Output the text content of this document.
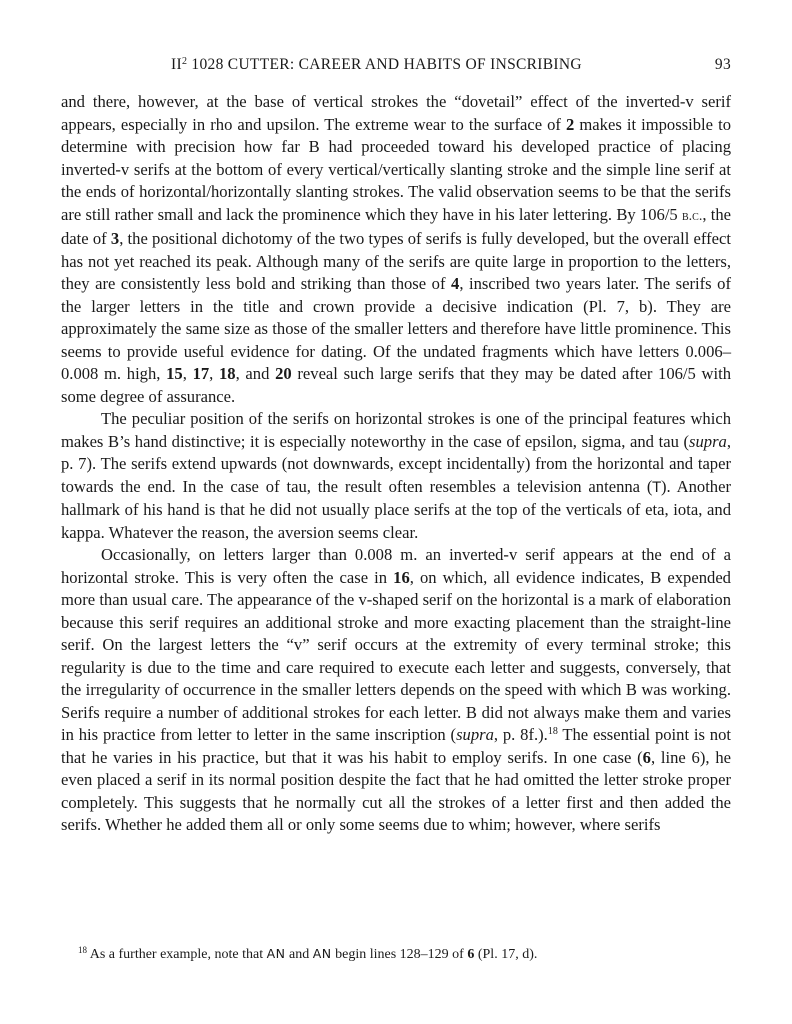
$II^2$ 1028 CUTTER: CAREER AND HABITS OF INSCRIBING	93

and there, however, at the base of vertical strokes the “dovetail” effect of the inverted-v serif appears, especially in rho and upsilon. The extreme wear to the surface of 2 makes it impossible to determine with precision how far B had proceeded toward his developed practice of placing inverted-v serifs at the bottom of every vertical/vertically slanting stroke and the simple line serif at the ends of horizontal/horizontally slanting strokes. The valid observation seems to be that the serifs are still rather small and lack the prominence which they have in his later lettering. By 106/5 b.c., the date of 3, the positional dichotomy of the two types of serifs is fully developed, but the overall effect has not yet reached its peak. Although many of the serifs are quite large in proportion to the letters, they are consistently less bold and striking than those of 4, inscribed two years later. The serifs of the larger letters in the title and crown provide a decisive indication (Pl. 7, b). They are approximately the same size as those of the smaller letters and therefore have little prominence. This seems to provide useful evidence for dating. Of the undated fragments which have letters 0.006–0.008 m. high, 15, 17, 18, and 20 reveal such large serifs that they may be dated after 106/5 with some degree of assurance.

The peculiar position of the serifs on horizontal strokes is one of the principal features which makes B’s hand distinctive; it is especially noteworthy in the case of epsilon, sigma, and tau (supra, p. 7). The serifs extend upwards (not downwards, except incidentally) from the horizontal and taper towards the end. In the case of tau, the result often resembles a television antenna (Τ). Another hallmark of his hand is that he did not usually place serifs at the top of the verticals of eta, iota, and kappa. Whatever the reason, the aversion seems clear.

Occasionally, on letters larger than 0.008 m. an inverted-v serif appears at the end of a horizontal stroke. This is very often the case in 16, on which, all evidence indicates, B expended more than usual care. The appearance of the v-shaped serif on the horizontal is a mark of elaboration because this serif requires an additional stroke and more exacting placement than the straight-line serif. On the largest letters the “v” serif occurs at the extremity of every terminal stroke; this regularity is due to the time and care required to execute each letter and suggests, conversely, that the irregularity of occurrence in the smaller letters depends on the speed with which B was working. Serifs require a number of additional strokes for each letter. B did not always make them and varies in his practice from letter to letter in the same inscription (supra, p. 8f.).$^{18}$ The essential point is not that he varies in his practice, but that it was his habit to employ serifs. In one case (6, line 6), he even placed a serif in its normal position despite the fact that he had omitted the letter stroke proper completely. This suggests that he normally cut all the strokes of a letter first and then added the serifs. Whether he added them all or only some seems due to whim; however, where serifs

$^{18}$ As a further example, note that AN and AN begin lines 128–129 of 6 (Pl. 17, d).
